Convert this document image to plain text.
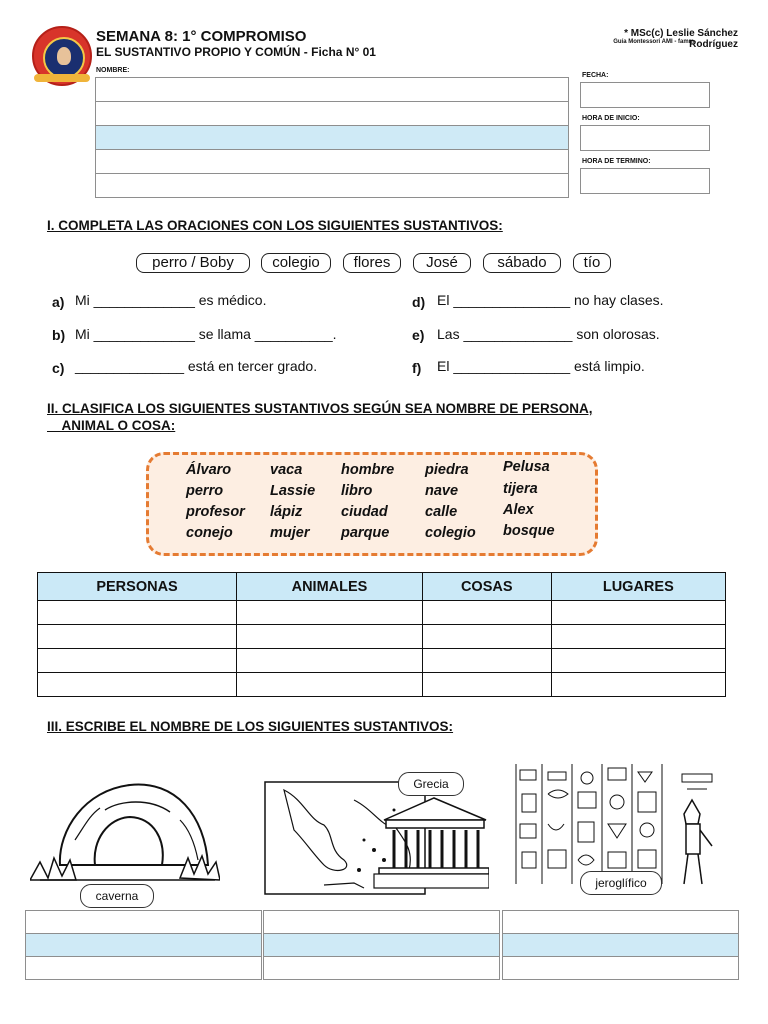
SEMANA 8: 1° COMPROMISO
EL SUSTANTIVO PROPIO Y COMÚN - Ficha N° 01
* MSc(c) Leslie Sánchez Rodríguez
Guía Montessori AMI - famm
NOMBRE:
FECHA:
HORA DE INICIO:
HORA DE TERMINO:
I. COMPLETA LAS ORACIONES CON LOS SIGUIENTES SUSTANTIVOS:
perro / Boby	colegio	flores	José	sábado	tío
a) Mi _____________ es médico.
b) Mi _____________ se llama __________.
c) ______________ está en tercer grado.
d) El _______________ no hay clases.
e) Las ______________ son olorosas.
f) El _______________ está limpio.
II. CLASIFICA LOS SIGUIENTES SUSTANTIVOS SEGÚN SEA NOMBRE DE PERSONA,
ANIMAL O COSA:
Álvaro
perro
profesor
conejo
vaca
Lassie
lápiz
mujer
hombre
libro
ciudad
parque
piedra
nave
calle
colegio
Pelusa
tijera
Alex
bosque
PERSONAS	ANIMALES	COSAS	LUGARES

III. ESCRIBE EL NOMBRE DE LOS SIGUIENTES SUSTANTIVOS:
caverna
Grecia
jeroglífico
